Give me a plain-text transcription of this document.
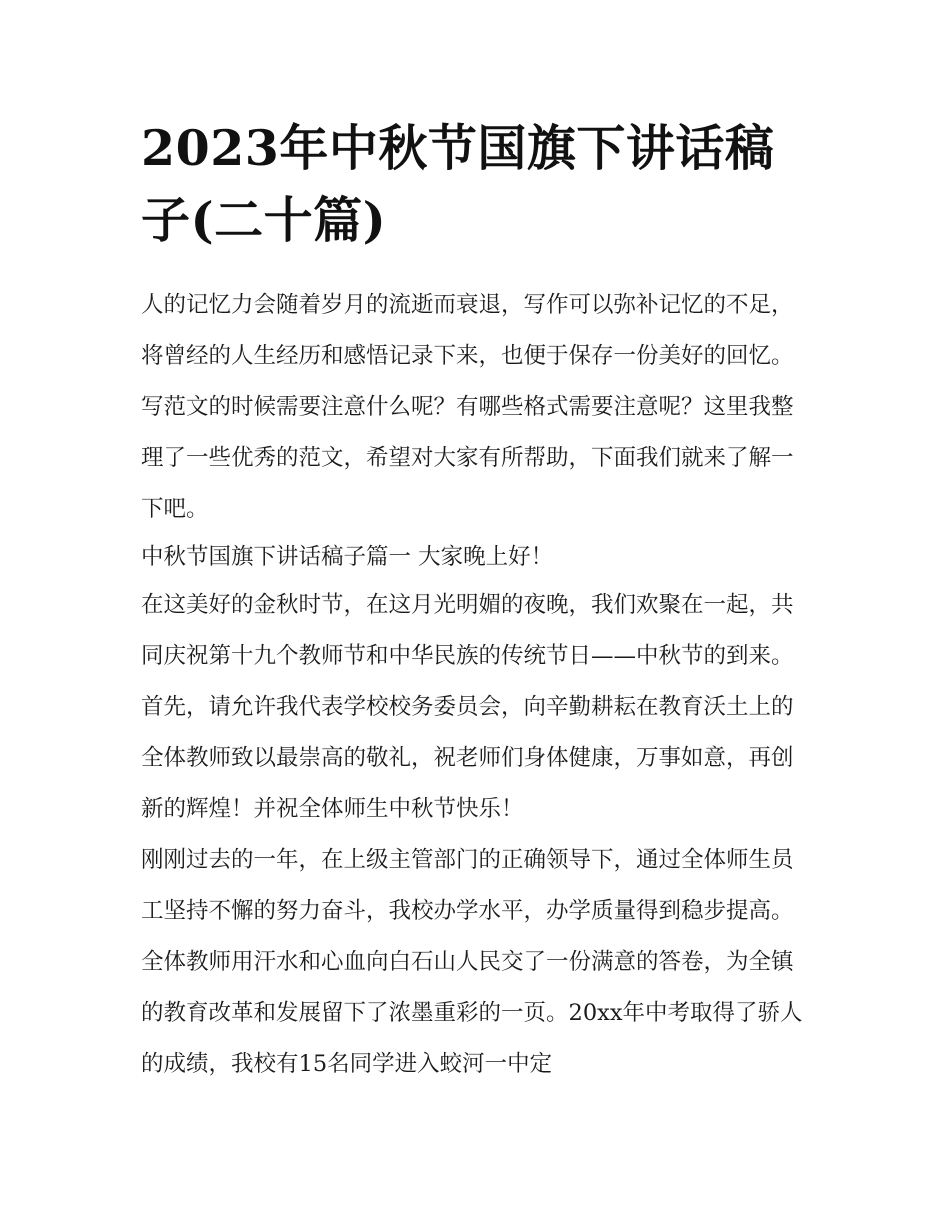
2023年中秋节国旗下讲话稿子(二十篇)

人的记忆力会随着岁月的流逝而衰退，写作可以弥补记忆的不足，将曾经的人生经历和感悟记录下来，也便于保存一份美好的回忆。写范文的时候需要注意什么呢？有哪些格式需要注意呢？这里我整理了一些优秀的范文，希望对大家有所帮助，下面我们就来了解一下吧。

中秋节国旗下讲话稿子篇一 大家晚上好！

在这美好的金秋时节，在这月光明媚的夜晚，我们欢聚在一起，共同庆祝第十九个教师节和中华民族的传统节日——中秋节的到来。首先，请允许我代表学校校务委员会，向辛勤耕耘在教育沃土上的全体教师致以最崇高的敬礼，祝老师们身体健康，万事如意，再创新的辉煌！并祝全体师生中秋节快乐！

刚刚过去的一年，在上级主管部门的正确领导下，通过全体师生员工坚持不懈的努力奋斗，我校办学水平，办学质量得到稳步提高。全体教师用汗水和心血向白石山人民交了一份满意的答卷，为全镇的教育改革和发展留下了浓墨重彩的一页。20xx年中考取得了骄人的成绩，我校有15名同学进入蛟河一中定
